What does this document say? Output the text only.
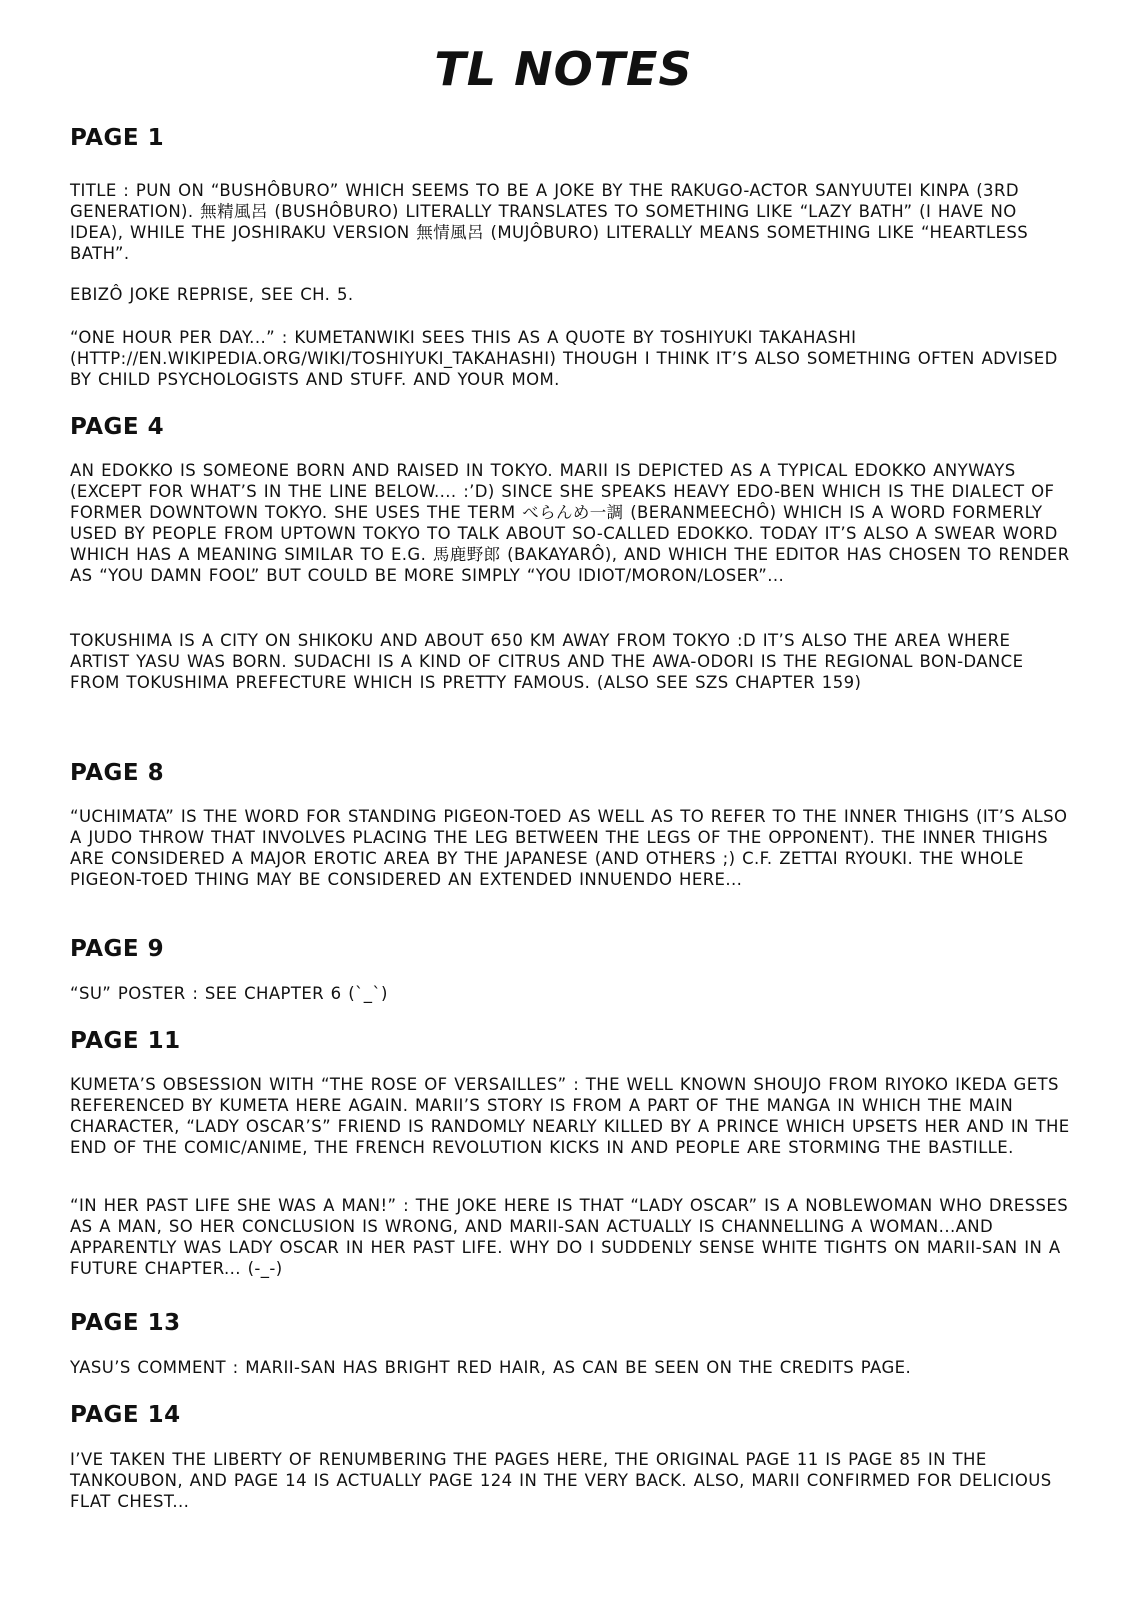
TL NOTES
PAGE 1

TITLE : PUN ON “BUSHÔBURO” WHICH SEEMS TO BE A JOKE BY THE RAKUGO-ACTOR SANYUUTEI KINPA (3RD GENERATION). 無精風呂 (BUSHÔBURO) LITERALLY TRANSLATES TO SOMETHING LIKE “LAZY BATH” (I HAVE NO IDEA), WHILE THE JOSHIRAKU VERSION 無情風呂 (MUJÔBURO) LITERALLY MEANS SOMETHING LIKE “HEARTLESS BATH”.

EBIZÔ JOKE REPRISE, SEE CH. 5.

“ONE HOUR PER DAY...” : KUMETANWIKI SEES THIS AS A QUOTE BY TOSHIYUKI TAKAHASHI (HTTP://EN.WIKIPEDIA.ORG/WIKI/TOSHIYUKI_TAKAHASHI) THOUGH I THINK IT’S ALSO SOMETHING OFTEN ADVISED BY CHILD PSYCHOLOGISTS AND STUFF. AND YOUR MOM.

PAGE 4

AN EDOKKO IS SOMEONE BORN AND RAISED IN TOKYO. MARII IS DEPICTED AS A TYPICAL EDOKKO ANYWAYS (EXCEPT FOR WHAT’S IN THE LINE BELOW.... :’D) SINCE SHE SPEAKS HEAVY EDO-BEN WHICH IS THE DIALECT OF FORMER DOWNTOWN TOKYO. SHE USES THE TERM べらんめ一調 (BERANMEECHÔ) WHICH IS A WORD FORMERLY USED BY PEOPLE FROM UPTOWN TOKYO TO TALK ABOUT SO-CALLED EDOKKO. TODAY IT’S ALSO A SWEAR WORD WHICH HAS A MEANING SIMILAR TO E.G. 馬鹿野郎 (BAKAYARÔ), AND WHICH THE EDITOR HAS CHOSEN TO RENDER AS “YOU DAMN FOOL” BUT COULD BE MORE SIMPLY “YOU IDIOT/MORON/LOSER”...

TOKUSHIMA IS A CITY ON SHIKOKU AND ABOUT 650 KM AWAY FROM TOKYO :D IT’S ALSO THE AREA WHERE ARTIST YASU WAS BORN. SUDACHI IS A KIND OF CITRUS AND THE AWA-ODORI IS THE REGIONAL BON-DANCE FROM TOKUSHIMA PREFECTURE WHICH IS PRETTY FAMOUS. (ALSO SEE SZS CHAPTER 159)

PAGE 8

“UCHIMATA” IS THE WORD FOR STANDING PIGEON-TOED AS WELL AS TO REFER TO THE INNER THIGHS (IT’S ALSO A JUDO THROW THAT INVOLVES PLACING THE LEG BETWEEN THE LEGS OF THE OPPONENT). THE INNER THIGHS ARE CONSIDERED A MAJOR EROTIC AREA BY THE JAPANESE (AND OTHERS ;) C.F. ZETTAI RYOUKI. THE WHOLE PIGEON-TOED THING MAY BE CONSIDERED AN EXTENDED INNUENDO HERE...

PAGE 9

“SU” POSTER : SEE CHAPTER 6 (`_`)

PAGE 11

KUMETA’S OBSESSION WITH “THE ROSE OF VERSAILLES” : THE WELL KNOWN SHOUJO FROM RIYOKO IKEDA GETS REFERENCED BY KUMETA HERE AGAIN. MARII’S STORY IS FROM A PART OF THE MANGA IN WHICH THE MAIN CHARACTER, “LADY OSCAR’S” FRIEND IS RANDOMLY NEARLY KILLED BY A PRINCE WHICH UPSETS HER AND IN THE END OF THE COMIC/ANIME, THE FRENCH REVOLUTION KICKS IN AND PEOPLE ARE STORMING THE BASTILLE.

“IN HER PAST LIFE SHE WAS A MAN!” : THE JOKE HERE IS THAT “LADY OSCAR” IS A NOBLEWOMAN WHO DRESSES AS A MAN, SO HER CONCLUSION IS WRONG, AND MARII-SAN ACTUALLY IS CHANNELLING A WOMAN...AND APPARENTLY WAS LADY OSCAR IN HER PAST LIFE. WHY DO I SUDDENLY SENSE WHITE TIGHTS ON MARII-SAN IN A FUTURE CHAPTER... (-_-)

PAGE 13

YASU’S COMMENT : MARII-SAN HAS BRIGHT RED HAIR, AS CAN BE SEEN ON THE CREDITS PAGE.

PAGE 14

I’VE TAKEN THE LIBERTY OF RENUMBERING THE PAGES HERE, THE ORIGINAL PAGE 11 IS PAGE 85 IN THE TANKOUBON, AND PAGE 14 IS ACTUALLY PAGE 124 IN THE VERY BACK. ALSO, MARII CONFIRMED FOR DELICIOUS FLAT CHEST...
